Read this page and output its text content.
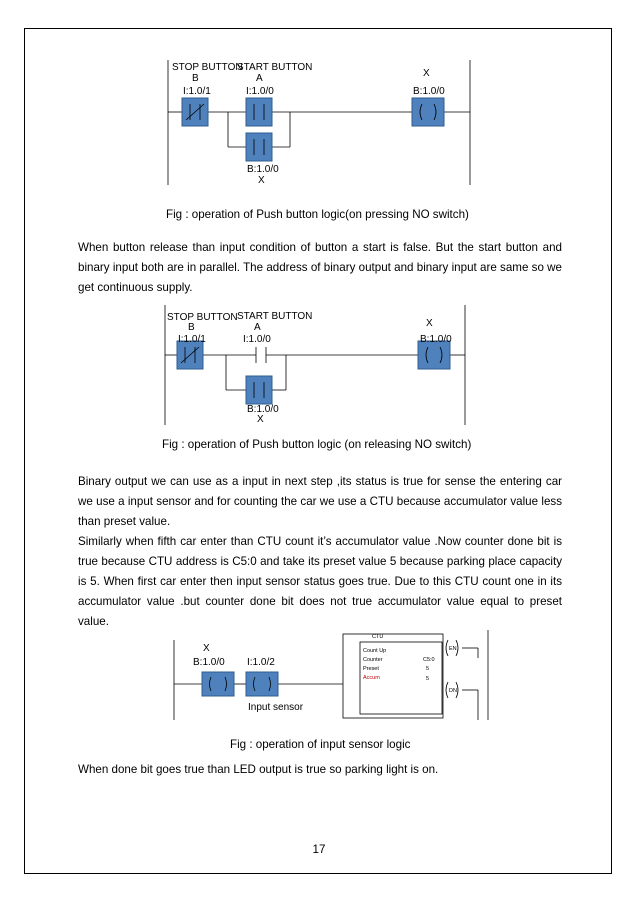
STOP BUTTON
B
START BUTTON
A	X
I:1.0/1	I:1.0/0	B:1.0/0
B:1.0/0
X
Fig : operation of Push button logic(on pressing NO switch)

When button release than input condition of button a start is false. But the start button and binary input both are in parallel. The address of binary output and binary input are same so we get continuous supply.

STOP BUTTON
B
START BUTTON
A	X
I:1.0/1	I:1.0/0	B:1.0/0
B:1.0/0
X
Fig : operation of Push button logic (on releasing NO switch)

Binary output we can use as a input in next step ,its status is true for sense the entering car we use a input sensor and for counting the car we use a CTU because accumulator value less than preset value.

Similarly when fifth car enter than CTU count it’s accumulator value .Now counter done bit is true because CTU address is C5:0 and take its preset value 5 because parking place capacity is 5. When first car enter then input sensor status goes true. Due to this CTU count one in its accumulator value .but counter done bit does not true accumulator value equal to preset value.

X
B:1.0/0 I:1.0/2
Input sensor
CTU
Count Up
Counter	C5:0
Preset	5
Accum	5
EN
DN
Fig : operation of input sensor logic

When done bit goes true than LED output is true so parking light is on.

17
